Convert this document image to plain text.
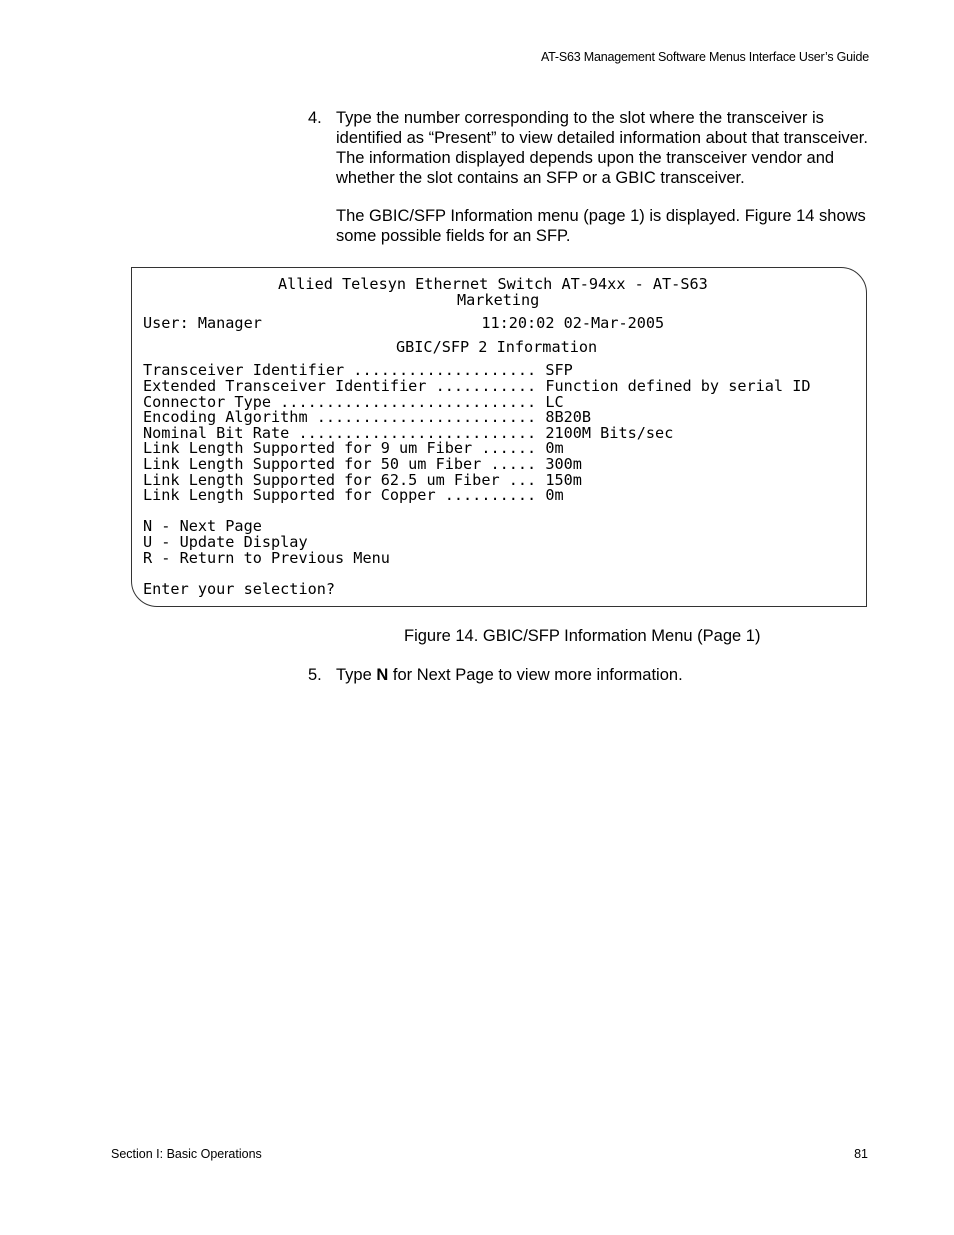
AT-S63 Management Software Menus Interface User’s Guide
4. Type the number corresponding to the slot where the transceiver is identified as “Present” to view detailed information about that transceiver. The information displayed depends upon the transceiver vendor and whether the slot contains an SFP or a GBIC transceiver.
The GBIC/SFP Information menu (page 1) is displayed. Figure 14 shows some possible fields for an SFP.
Allied Telesyn Ethernet Switch AT-94xx - AT-S63
Marketing
User: Manager                        11:20:02 02-Mar-2005
GBIC/SFP 2 Information
Transceiver Identifier .................... SFP
Extended Transceiver Identifier ........... Function defined by serial ID
Connector Type ............................ LC
Encoding Algorithm ........................ 8B20B
Nominal Bit Rate .......................... 2100M Bits/sec
Link Length Supported for 9 um Fiber ...... 0m
Link Length Supported for 50 um Fiber ..... 300m
Link Length Supported for 62.5 um Fiber ... 150m
Link Length Supported for Copper .......... 0m
N - Next Page
U - Update Display
R - Return to Previous Menu
Enter your selection?
Figure 14. GBIC/SFP Information Menu (Page 1)
5. Type N for Next Page to view more information.
Section I: Basic Operations	81
